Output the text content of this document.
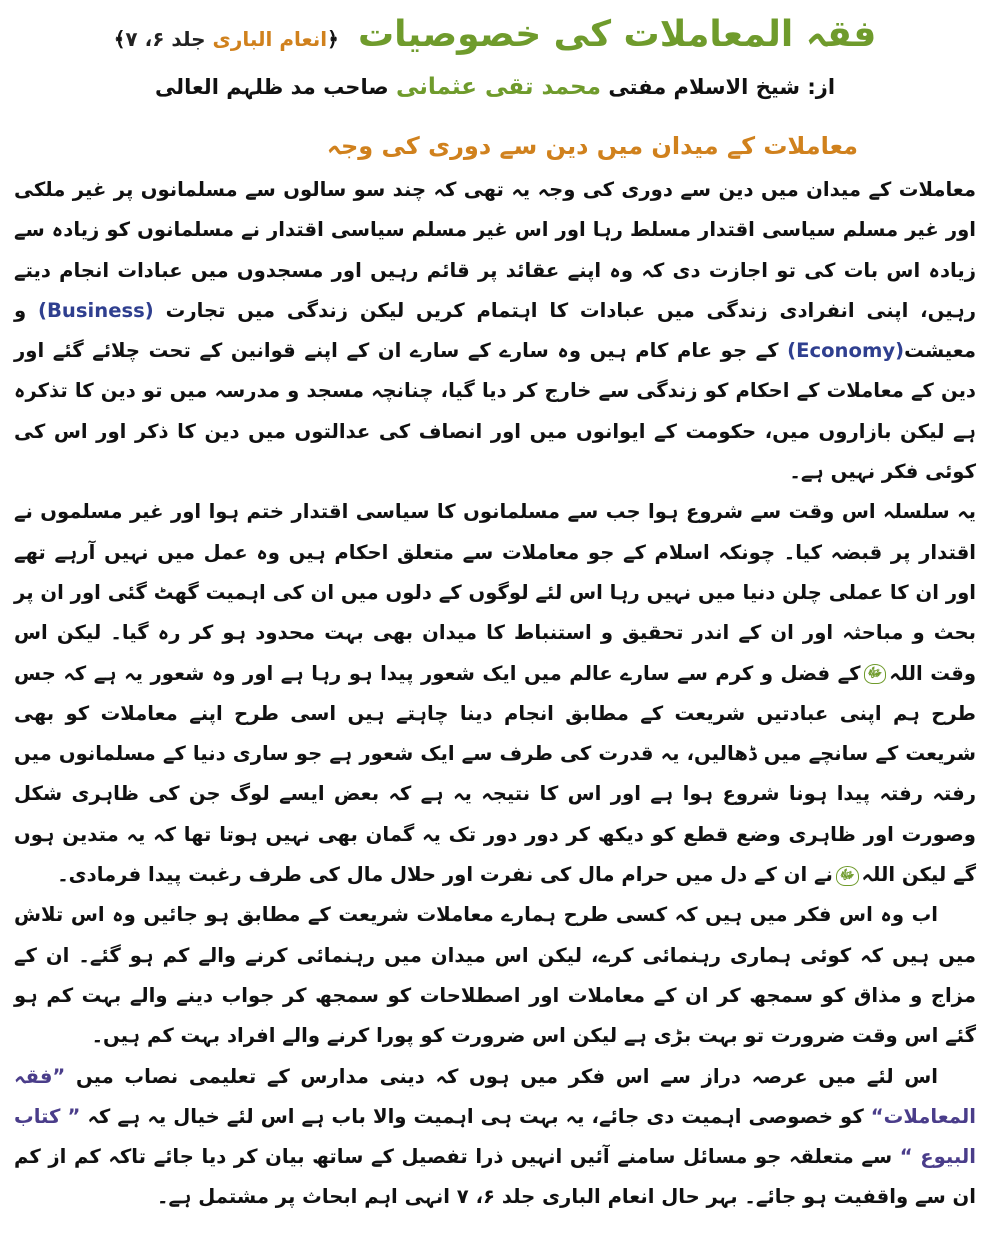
فقہ المعاملات کی خصوصیات ﴿انعام الباری جلد ۶، ۷﴾
از: شیخ الاسلام مفتی محمد تقی عثمانی صاحب مد ظلہم العالی
معاملات کے میدان میں دین سے دوری کی وجہ

معاملات کے میدان میں دین سے دوری کی وجہ یہ تھی کہ چند سو سالوں سے مسلمانوں پر غیر ملکی اور غیر مسلم سیاسی اقتدار مسلط رہا اور اس غیر مسلم سیاسی اقتدار نے مسلمانوں کو زیادہ سے زیادہ اس بات کی تو اجازت دی کہ وہ اپنے عقائد پر قائم رہیں اور مسجدوں میں عبادات انجام دیتے رہیں، اپنی انفرادی زندگی میں عبادات کا اہتمام کریں لیکن زندگی میں تجارت (Business) و معیشت(Economy) کے جو عام کام ہیں وہ سارے کے سارے ان کے اپنے قوانین کے تحت چلائے گئے اور دین کے معاملات کے احکام کو زندگی سے خارج کر دیا گیا، چنانچہ مسجد و مدرسہ میں تو دین کا تذکرہ ہے لیکن بازاروں میں، حکومت کے ایوانوں میں اور انصاف کی عدالتوں میں دین کا ذکر اور اس کی کوئی فکر نہیں ہے۔

یہ سلسلہ اس وقت سے شروع ہوا جب سے مسلمانوں کا سیاسی اقتدار ختم ہوا اور غیر مسلموں نے اقتدار پر قبضہ کیا۔ چونکہ اسلام کے جو معاملات سے متعلق احکام ہیں وہ عمل میں نہیں آرہے تھے اور ان کا عملی چلن دنیا میں نہیں رہا اس لئے لوگوں کے دلوں میں ان کی اہمیت گھٹ گئی اور ان پر بحث و مباحثہ اور ان کے اندر تحقیق و استنباط کا میدان بھی بہت محدود ہو کر رہ گیا۔ لیکن اس وقت اللہﷻکے فضل و کرم سے سارے عالم میں ایک شعور پیدا ہو رہا ہے اور وہ شعور یہ ہے کہ جس طرح ہم اپنی عبادتیں شریعت کے مطابق انجام دینا چاہتے ہیں اسی طرح اپنے معاملات کو بھی شریعت کے سانچے میں ڈھالیں، یہ قدرت کی طرف سے ایک شعور ہے جو ساری دنیا کے مسلمانوں میں رفتہ رفتہ پیدا ہونا شروع ہوا ہے اور اس کا نتیجہ یہ ہے کہ بعض ایسے لوگ جن کی ظاہری شکل وصورت اور ظاہری وضع قطع کو دیکھ کر دور دور تک یہ گمان بھی نہیں ہوتا تھا کہ یہ متدین ہوں گے لیکن اللہﷻنے ان کے دل میں حرام مال کی نفرت اور حلال مال کی طرف رغبت پیدا فرمادی۔

اب وہ اس فکر میں ہیں کہ کسی طرح ہمارے معاملات شریعت کے مطابق ہو جائیں وہ اس تلاش میں ہیں کہ کوئی ہماری رہنمائی کرے، لیکن اس میدان میں رہنمائی کرنے والے کم ہو گئے۔ ان کے مزاج و مذاق کو سمجھ کر ان کے معاملات اور اصطلاحات کو سمجھ کر جواب دینے والے بہت کم ہو گئے اس وقت ضرورت تو بہت بڑی ہے لیکن اس ضرورت کو پورا کرنے والے افراد بہت کم ہیں۔

اس لئے میں عرصہ دراز سے اس فکر میں ہوں کہ دینی مدارس کے تعلیمی نصاب میں ”فقہ المعاملات“ کو خصوصی اہمیت دی جائے، یہ بہت ہی اہمیت والا باب ہے اس لئے خیال یہ ہے کہ ” کتاب البیوع “ سے متعلقہ جو مسائل سامنے آئیں انہیں ذرا تفصیل کے ساتھ بیان کر دیا جائے تاکہ کم از کم ان سے واقفیت ہو جائے۔ بہر حال انعام الباری جلد ۶، ۷ انہی اہم ابحاث پر مشتمل ہے۔
